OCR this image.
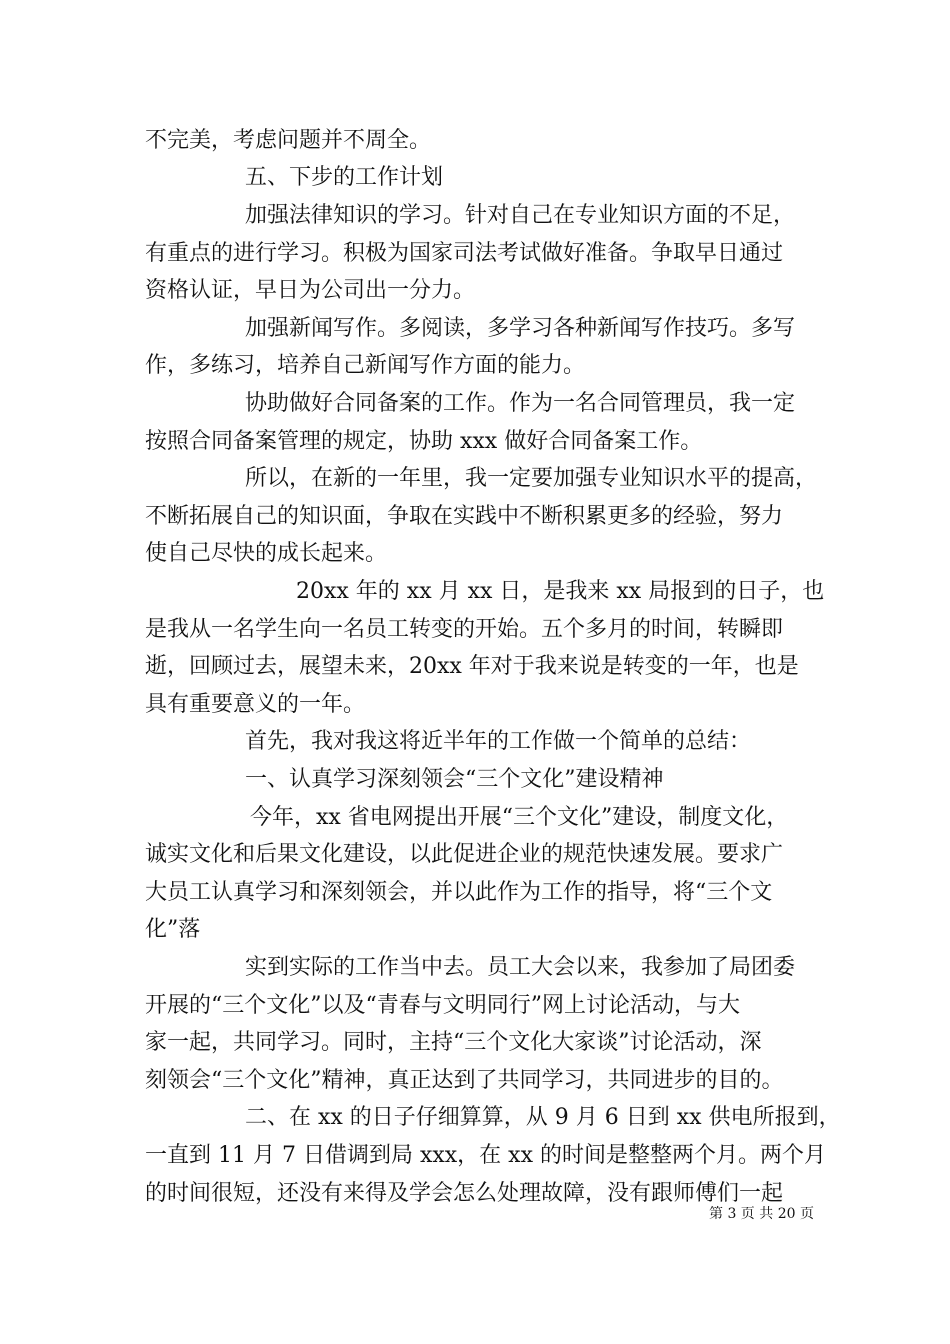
不完美，考虑问题并不周全。
五、下步的工作计划
加强法律知识的学习。针对自己在专业知识方面的不足，
有重点的进行学习。积极为国家司法考试做好准备。争取早日通过
资格认证，早日为公司出一分力。
加强新闻写作。多阅读，多学习各种新闻写作技巧。多写
作，多练习，培养自己新闻写作方面的能力。
协助做好合同备案的工作。作为一名合同管理员，我一定
按照合同备案管理的规定，协助 xxx 做好合同备案工作。
所以，在新的一年里，我一定要加强专业知识水平的提高，
不断拓展自己的知识面，争取在实践中不断积累更多的经验，努力
使自己尽快的成长起来。
20xx 年的 xx 月 xx 日，是我来 xx 局报到的日子，也
是我从一名学生向一名员工转变的开始。五个多月的时间，转瞬即
逝，回顾过去，展望未来，20xx 年对于我来说是转变的一年，也是
具有重要意义的一年。
首先，我对我这将近半年的工作做一个简单的总结：
一、认真学习深刻领会“三个文化”建设精神
今年，xx 省电网提出开展“三个文化”建设，制度文化，
诚实文化和后果文化建设，以此促进企业的规范快速发展。要求广
大员工认真学习和深刻领会，并以此作为工作的指导，将“三个文
化”落
实到实际的工作当中去。员工大会以来，我参加了局团委
开展的“三个文化”以及“青春与文明同行”网上讨论活动，与大
家一起，共同学习。同时，主持“三个文化大家谈”讨论活动，深
刻领会“三个文化”精神，真正达到了共同学习，共同进步的目的。
二、在 xx 的日子仔细算算，从 9 月 6 日到 xx 供电所报到，
一直到 11 月 7 日借调到局 xxx，在 xx 的时间是整整两个月。两个月
的时间很短，还没有来得及学会怎么处理故障，没有跟师傅们一起
第 3 页 共 20 页
